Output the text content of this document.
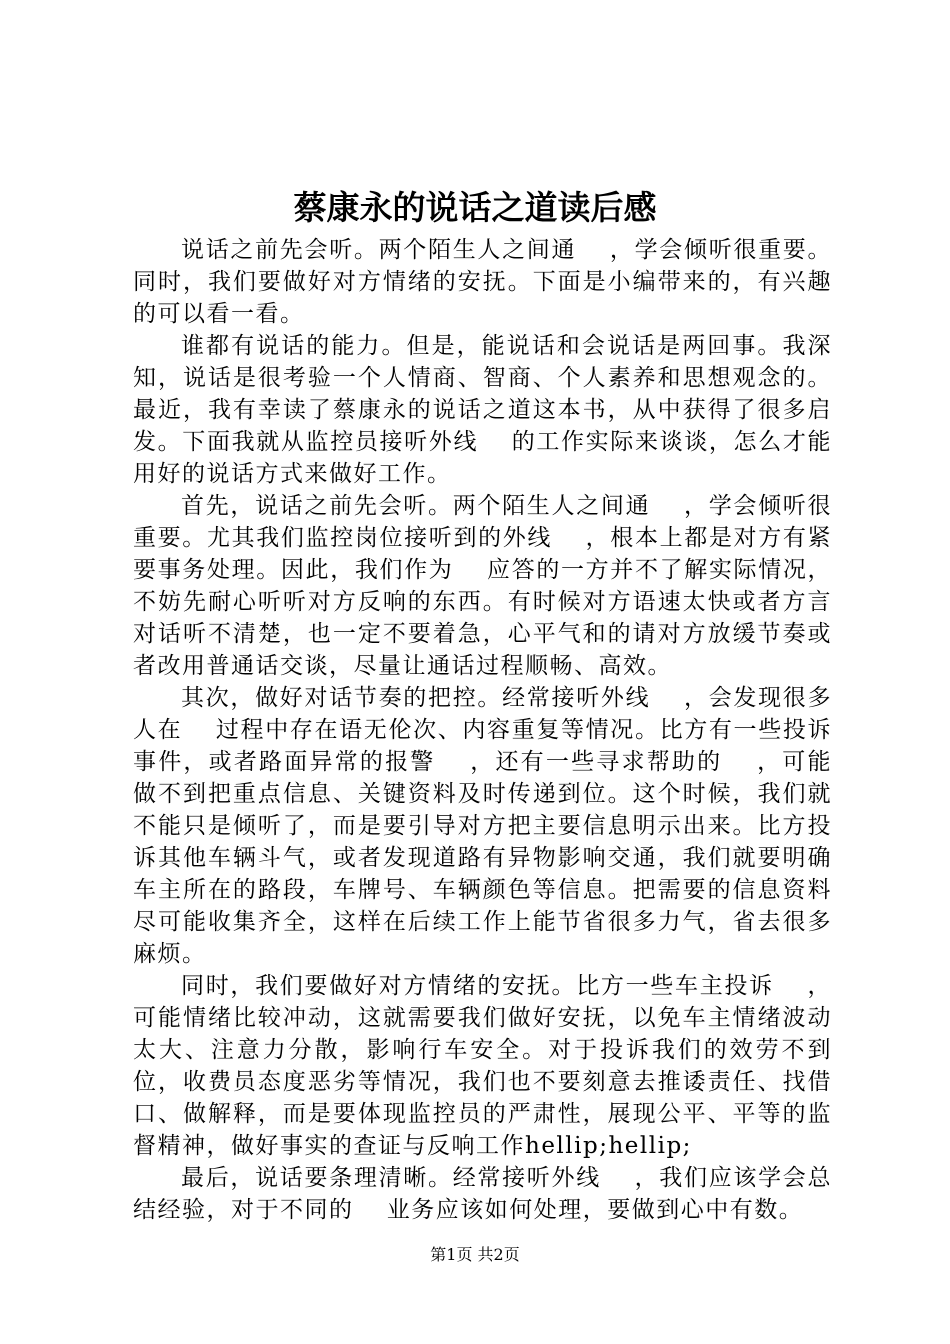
蔡康永的说话之道读后感

说话之前先会听。两个陌生人之间通　 ，学会倾听很重要。同时，我们要做好对方情绪的安抚。下面是小编带来的，有兴趣的可以看一看。

谁都有说话的能力。但是，能说话和会说话是两回事。我深知，说话是很考验一个人情商、智商、个人素养和思想观念的。最近，我有幸读了蔡康永的说话之道这本书，从中获得了很多启发。下面我就从监控员接听外线　 的工作实际来谈谈，怎么才能用好的说话方式来做好工作。

首先，说话之前先会听。两个陌生人之间通　 ，学会倾听很重要。尤其我们监控岗位接听到的外线　 ，根本上都是对方有紧要事务处理。因此，我们作为　 应答的一方并不了解实际情况，不妨先耐心听听对方反响的东西。有时候对方语速太快或者方言对话听不清楚，也一定不要着急，心平气和的请对方放缓节奏或者改用普通话交谈，尽量让通话过程顺畅、高效。

其次，做好对话节奏的把控。经常接听外线　 ，会发现很多人在　 过程中存在语无伦次、内容重复等情况。比方有一些投诉事件，或者路面异常的报警　 ，还有一些寻求帮助的　 ，可能做不到把重点信息、关键资料及时传递到位。这个时候，我们就不能只是倾听了，而是要引导对方把主要信息明示出来。比方投诉其他车辆斗气，或者发现道路有异物影响交通，我们就要明确车主所在的路段，车牌号、车辆颜色等信息。把需要的信息资料尽可能收集齐全，这样在后续工作上能节省很多力气，省去很多麻烦。

同时，我们要做好对方情绪的安抚。比方一些车主投诉　 ，可能情绪比较冲动，这就需要我们做好安抚，以免车主情绪波动太大、注意力分散，影响行车安全。对于投诉我们的效劳不到位，收费员态度恶劣等情况，我们也不要刻意去推诿责任、找借口、做解释，而是要体现监控员的严肃性，展现公平、平等的监督精神，做好事实的查证与反响工作hellip;hellip;

最后，说话要条理清晰。经常接听外线　 ，我们应该学会总结经验，对于不同的　 业务应该如何处理，要做到心中有数。

第1页 共2页
